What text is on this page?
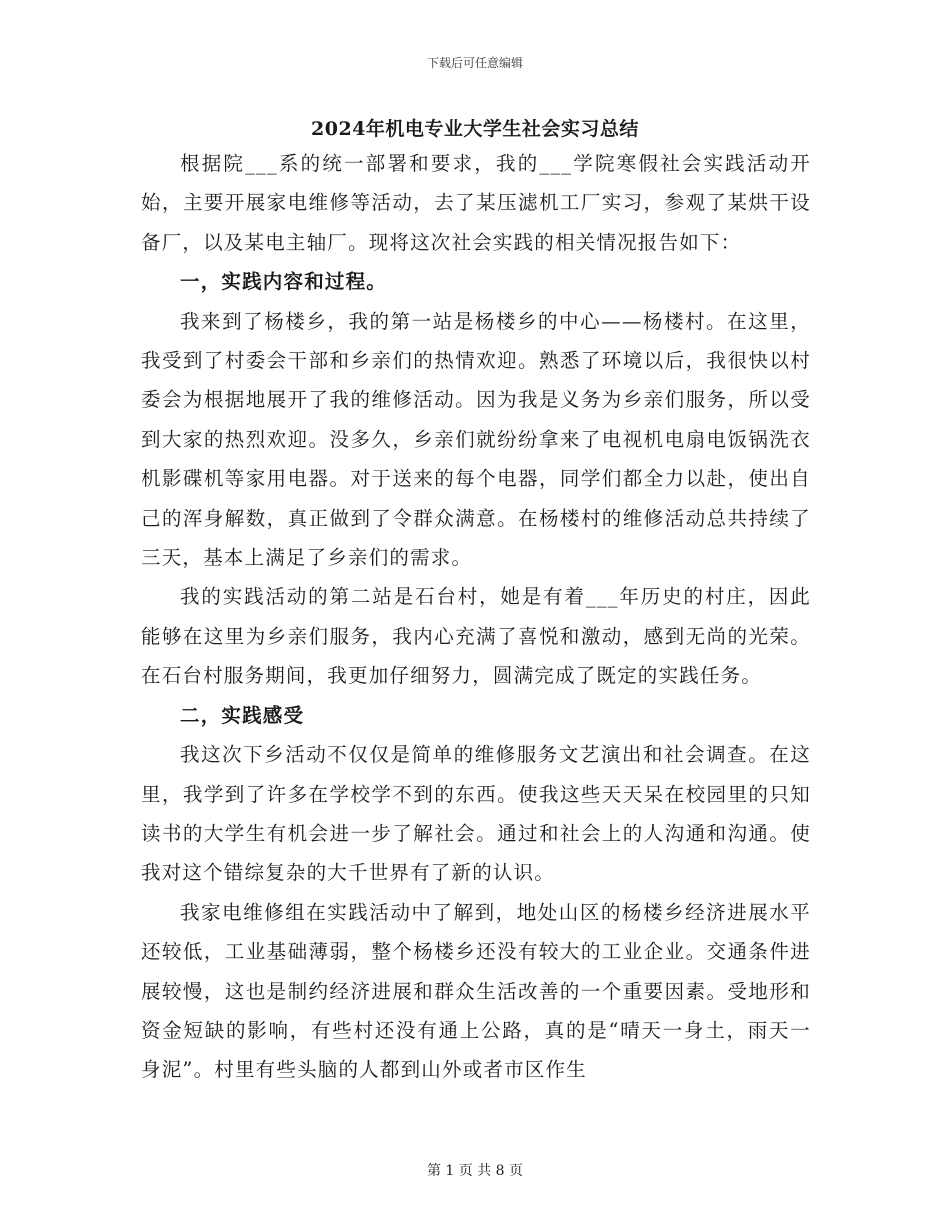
下载后可任意编辑
2024年机电专业大学生社会实习总结

根据院___系的统一部署和要求，我的___学院寒假社会实践活动开始，主要开展家电维修等活动，去了某压滤机工厂实习，参观了某烘干设备厂，以及某电主轴厂。现将这次社会实践的相关情况报告如下：

一，实践内容和过程。

我来到了杨楼乡，我的第一站是杨楼乡的中心——杨楼村。在这里，我受到了村委会干部和乡亲们的热情欢迎。熟悉了环境以后，我很快以村委会为根据地展开了我的维修活动。因为我是义务为乡亲们服务，所以受到大家的热烈欢迎。没多久，乡亲们就纷纷拿来了电视机电扇电饭锅洗衣机影碟机等家用电器。对于送来的每个电器，同学们都全力以赴，使出自己的浑身解数，真正做到了令群众满意。在杨楼村的维修活动总共持续了三天，基本上满足了乡亲们的需求。

我的实践活动的第二站是石台村，她是有着___年历史的村庄，因此能够在这里为乡亲们服务，我内心充满了喜悦和激动，感到无尚的光荣。在石台村服务期间，我更加仔细努力，圆满完成了既定的实践任务。

二，实践感受

我这次下乡活动不仅仅是简单的维修服务文艺演出和社会调查。在这里，我学到了许多在学校学不到的东西。使我这些天天呆在校园里的只知读书的大学生有机会进一步了解社会。通过和社会上的人沟通和沟通。使我对这个错综复杂的大千世界有了新的认识。

我家电维修组在实践活动中了解到，地处山区的杨楼乡经济进展水平还较低，工业基础薄弱，整个杨楼乡还没有较大的工业企业。交通条件进展较慢，这也是制约经济进展和群众生活改善的一个重要因素。受地形和资金短缺的影响，有些村还没有通上公路，真的是“晴天一身土，雨天一身泥”。村里有些头脑的人都到山外或者市区作生

第 1 页 共 8 页
